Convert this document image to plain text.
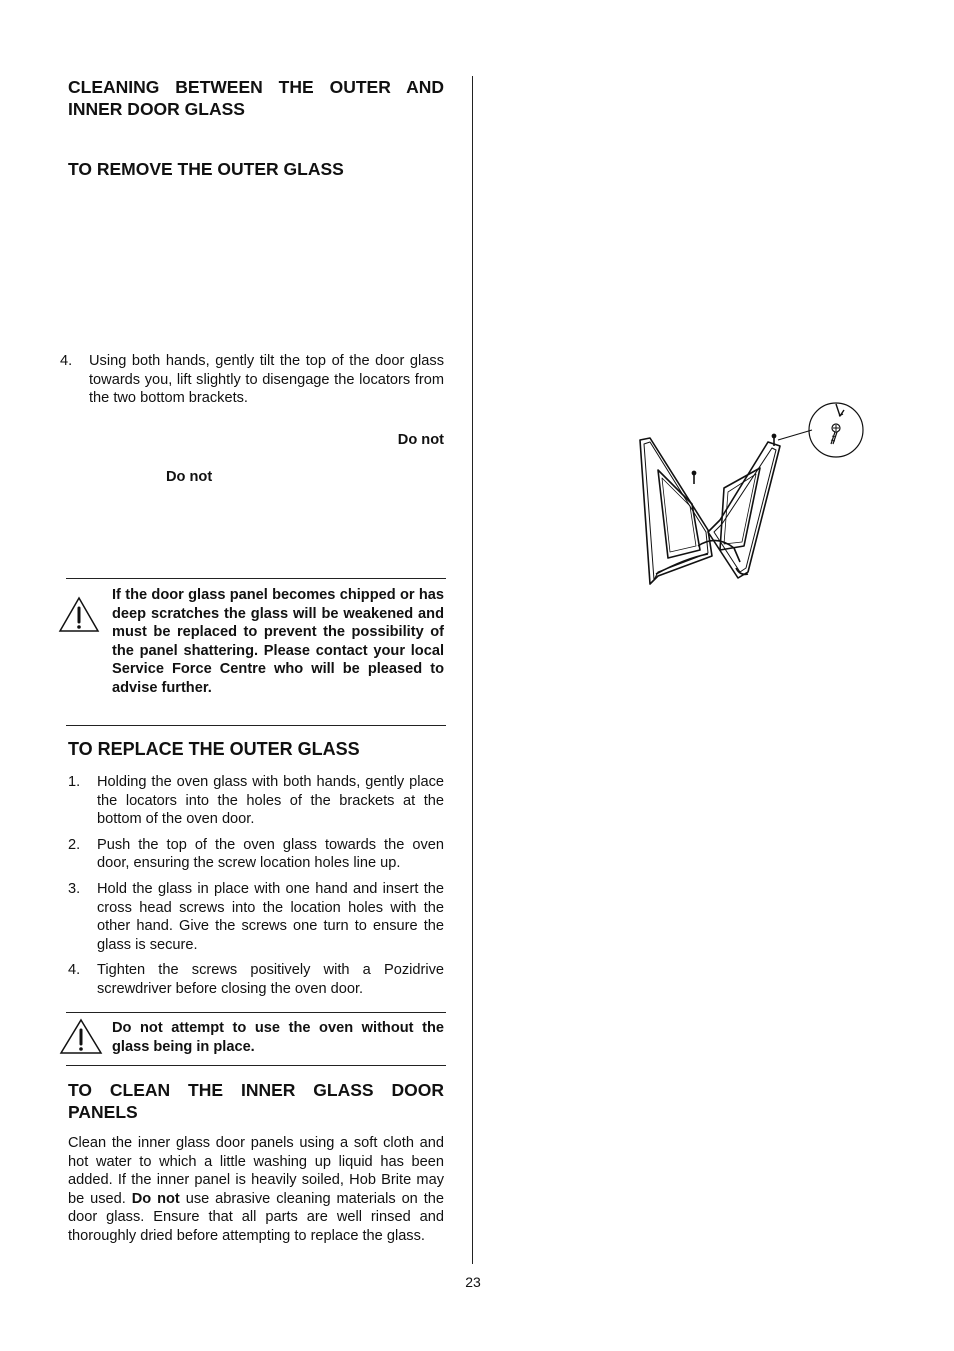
CLEANING BETWEEN THE OUTER AND INNER DOOR GLASS
TO REMOVE THE OUTER GLASS
4. Using both hands, gently tilt the top of the door glass towards you, lift slightly to disengage the locators from the two bottom brackets.
Do not
Do not
If the door glass panel becomes chipped or has deep scratches the glass will be weakened and must be replaced to prevent the possibility of the panel shattering. Please contact your local Service Force Centre who will be pleased to advise further.
TO REPLACE THE OUTER GLASS
1. Holding the oven glass with both hands, gently place the locators into the holes of the brackets at the bottom of the oven door.
2. Push the top of the oven glass towards the oven door, ensuring the screw location holes line up.
3. Hold the glass in place with one hand and insert the cross head screws into the location holes with the other hand. Give the screws one turn to ensure the glass is secure.
4. Tighten the screws positively with a Pozidrive screwdriver before closing the oven door.
Do not attempt to use the oven without the glass being in place.
TO CLEAN THE INNER GLASS DOOR PANELS
Clean the inner glass door panels using a soft cloth and hot water to which a little washing up liquid has been added. If the inner panel is heavily soiled, Hob Brite may be used. Do not use abrasive cleaning materials on the door glass. Ensure that all parts are well rinsed and thoroughly dried before attempting to replace the glass.
23
